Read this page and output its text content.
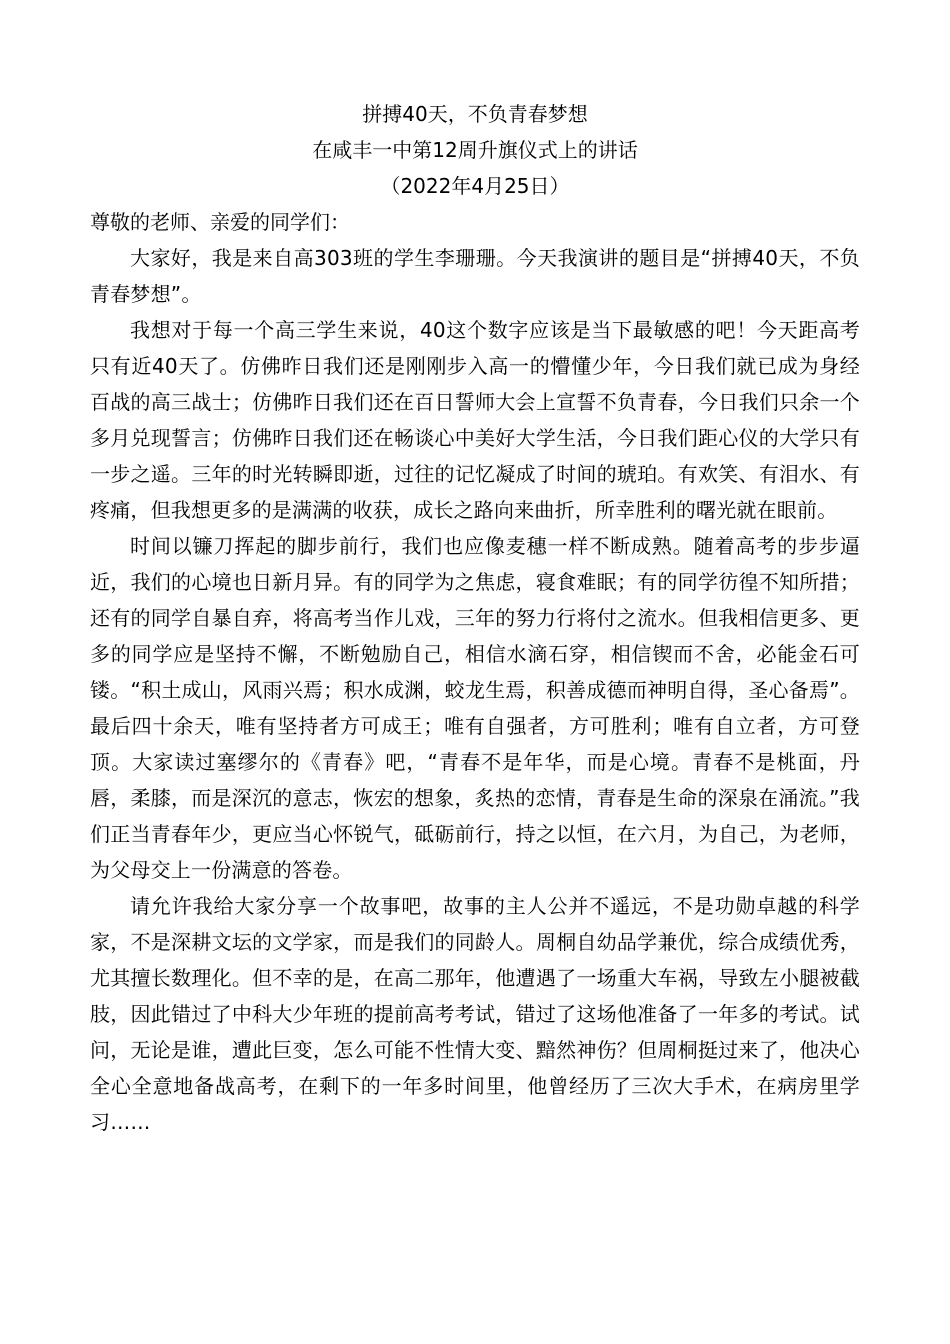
拼搏40天，不负青春梦想
在咸丰一中第12周升旗仪式上的讲话
（2022年4月25日）

尊敬的老师、亲爱的同学们：

大家好，我是来自高303班的学生李珊珊。今天我演讲的题目是“拼搏40天，不负青春梦想”。

我想对于每一个高三学生来说，40这个数字应该是当下最敏感的吧！今天距高考只有近40天了。仿佛昨日我们还是刚刚步入高一的懵懂少年，今日我们就已成为身经百战的高三战士；仿佛昨日我们还在百日誓师大会上宣誓不负青春，今日我们只余一个多月兑现誓言；仿佛昨日我们还在畅谈心中美好大学生活，今日我们距心仪的大学只有一步之遥。三年的时光转瞬即逝，过往的记忆凝成了时间的琥珀。有欢笑、有泪水、有疼痛，但我想更多的是满满的收获，成长之路向来曲折，所幸胜利的曙光就在眼前。

时间以镰刀挥起的脚步前行，我们也应像麦穗一样不断成熟。随着高考的步步逼近，我们的心境也日新月异。有的同学为之焦虑，寝食难眠；有的同学彷徨不知所措；还有的同学自暴自弃，将高考当作儿戏，三年的努力行将付之流水。但我相信更多、更多的同学应是坚持不懈，不断勉励自己，相信水滴石穿，相信锲而不舍，必能金石可镂。“积土成山，风雨兴焉；积水成渊，蛟龙生焉，积善成德而神明自得，圣心备焉”。最后四十余天，唯有坚持者方可成王；唯有自强者，方可胜利；唯有自立者，方可登顶。大家读过塞缪尔的《青春》吧，“青春不是年华，而是心境。青春不是桃面，丹唇，柔膝，而是深沉的意志，恢宏的想象，炙热的恋情，青春是生命的深泉在涌流。”我们正当青春年少，更应当心怀锐气，砥砺前行，持之以恒，在六月，为自己，为老师，为父母交上一份满意的答卷。

请允许我给大家分享一个故事吧，故事的主人公并不遥远，不是功勋卓越的科学家，不是深耕文坛的文学家，而是我们的同龄人。周桐自幼品学兼优，综合成绩优秀，尤其擅长数理化。但不幸的是，在高二那年，他遭遇了一场重大车祸，导致左小腿被截肢，因此错过了中科大少年班的提前高考考试，错过了这场他准备了一年多的考试。试问，无论是谁，遭此巨变，怎么可能不性情大变、黯然神伤？但周桐挺过来了，他决心全心全意地备战高考，在剩下的一年多时间里，他曾经历了三次大手术，在病房里学习……
